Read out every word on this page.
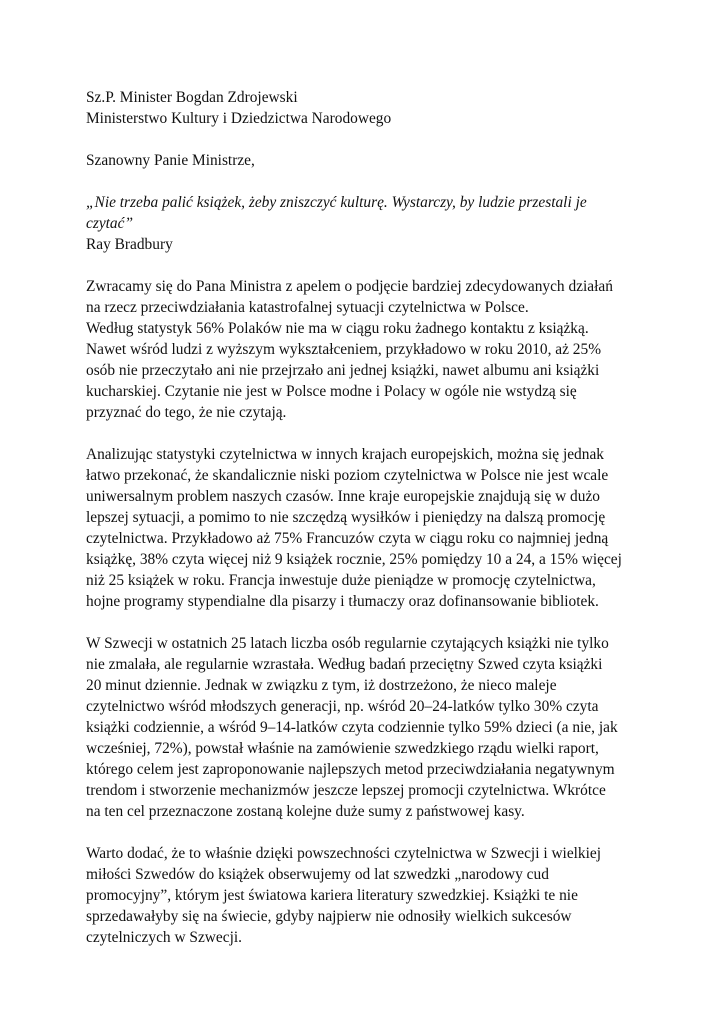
Sz.P. Minister Bogdan Zdrojewski
Ministerstwo Kultury i Dziedzictwa Narodowego
Szanowny Panie Ministrze,
„Nie trzeba palić książek, żeby zniszczyć kulturę. Wystarczy, by ludzie przestali je
czytać”
Ray Bradbury
Zwracamy się do Pana Ministra z apelem o podjęcie bardziej zdecydowanych działań
na rzecz przeciwdziałania katastrofalnej sytuacji czytelnictwa w Polsce.
Według statystyk 56% Polaków nie ma w ciągu roku żadnego kontaktu z książką.
Nawet wśród ludzi z wyższym wykształceniem, przykładowo w roku 2010, aż 25%
osób nie przeczytało ani nie przejrzało ani jednej książki, nawet albumu ani książki
kucharskiej. Czytanie nie jest w Polsce modne i Polacy w ogóle nie wstydzą się
przyznać do tego, że nie czytają.
Analizując statystyki czytelnictwa w innych krajach europejskich, można się jednak
łatwo przekonać, że skandalicznie niski poziom czytelnictwa w Polsce nie jest wcale
uniwersalnym problem naszych czasów. Inne kraje europejskie znajdują się w dużo
lepszej sytuacji, a pomimo to nie szczędzą wysiłków i pieniędzy na dalszą promocję
czytelnictwa. Przykładowo aż 75% Francuzów czyta w ciągu roku co najmniej jedną
książkę, 38% czyta więcej niż 9 książek rocznie, 25% pomiędzy 10 a 24, a 15% więcej
niż 25 książek w roku. Francja inwestuje duże pieniądze w promocję czytelnictwa,
hojne programy stypendialne dla pisarzy i tłumaczy oraz dofinansowanie bibliotek.
W Szwecji w ostatnich 25 latach liczba osób regularnie czytających książki nie tylko
nie zmalała, ale regularnie wzrastała. Według badań przeciętny Szwed czyta książki
20 minut dziennie. Jednak w związku z tym, iż dostrzeżono, że nieco maleje
czytelnictwo wśród młodszych generacji, np. wśród 20–24-latków tylko 30% czyta
książki codziennie, a wśród 9–14-latków czyta codziennie tylko 59% dzieci (a nie, jak
wcześniej, 72%), powstał właśnie na zamówienie szwedzkiego rządu wielki raport,
którego celem jest zaproponowanie najlepszych metod przeciwdziałania negatywnym
trendom i stworzenie mechanizmów jeszcze lepszej promocji czytelnictwa. Wkrótce
na ten cel przeznaczone zostaną kolejne duże sumy z państwowej kasy.
Warto dodać, że to właśnie dzięki powszechności czytelnictwa w Szwecji i wielkiej
miłości Szwedów do książek obserwujemy od lat szwedzki „narodowy cud
promocyjny”, którym jest światowa kariera literatury szwedzkiej. Książki te nie
sprzedawałyby się na świecie, gdyby najpierw nie odnosiły wielkich sukcesów
czytelniczych w Szwecji.
